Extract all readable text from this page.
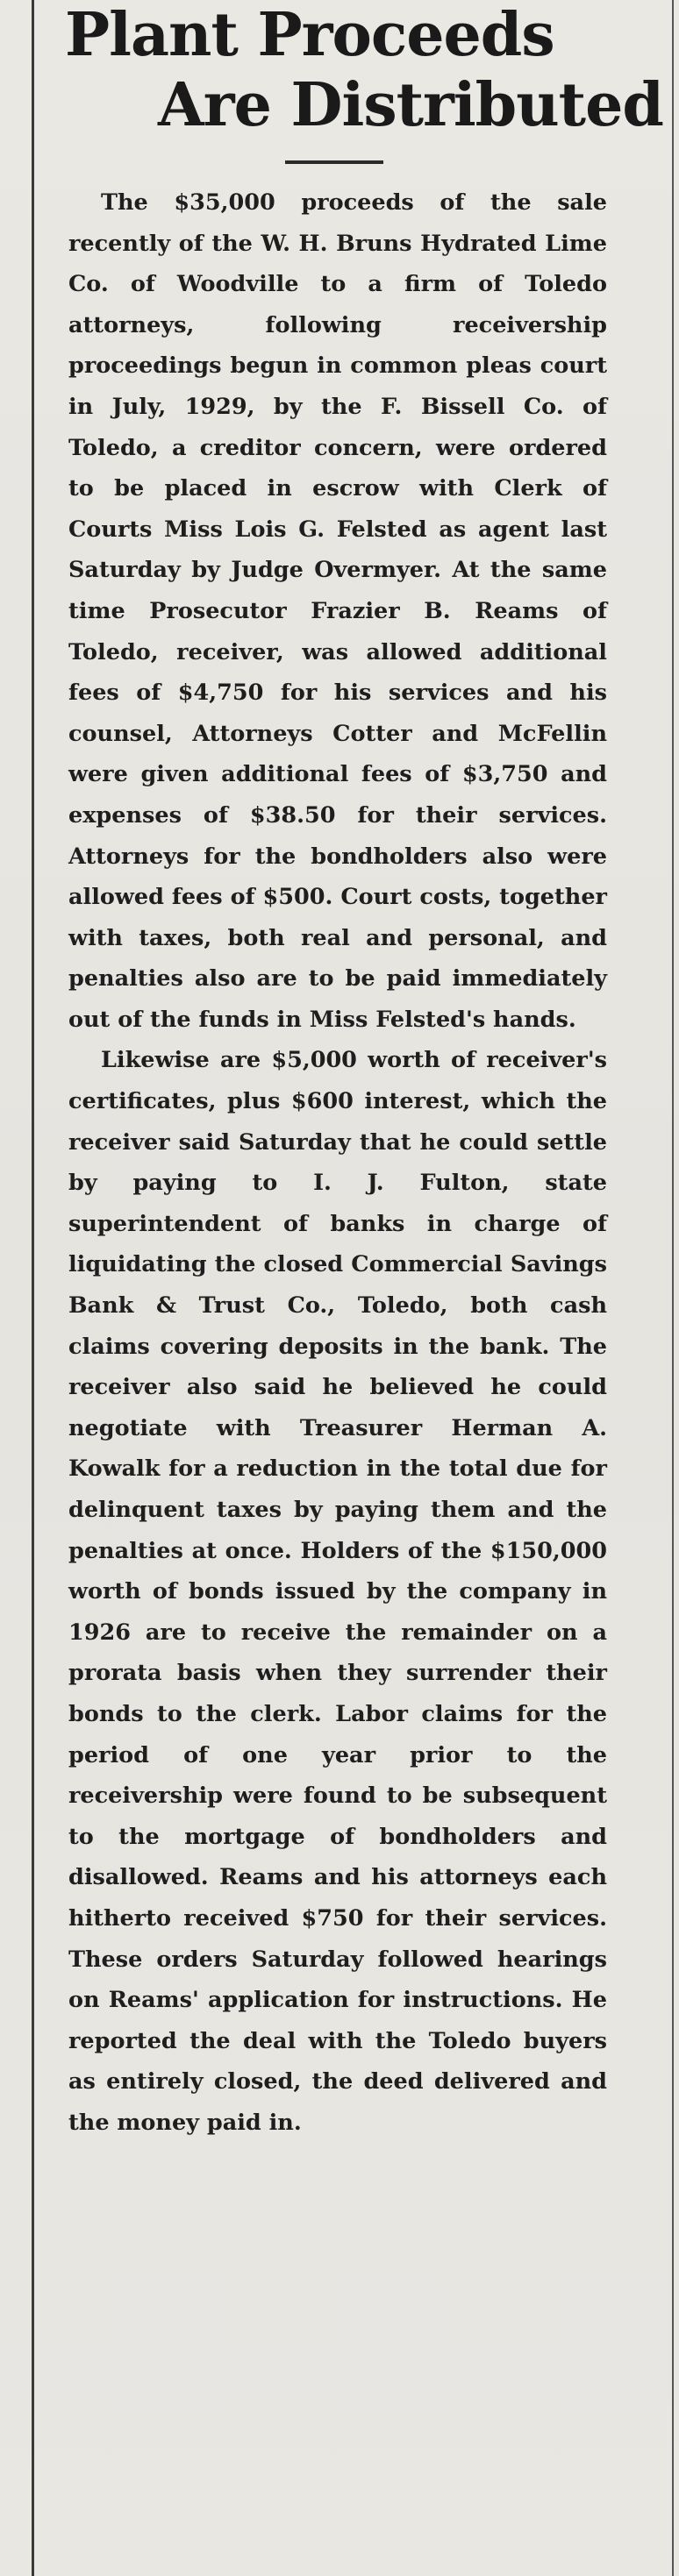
Plant Proceeds
Are Distributed

The $35,000 proceeds of the sale recently of the W. H. Bruns Hydrated Lime Co. of Woodville to a firm of Toledo attorneys, following receivership proceedings begun in common pleas court in July, 1929, by the F. Bissell Co. of Toledo, a creditor concern, were ordered to be placed in escrow with Clerk of Courts Miss Lois G. Felsted as agent last Saturday by Judge Overmyer. At the same time Prosecutor Frazier B. Reams of Toledo, receiver, was allowed additional fees of $4,750 for his services and his counsel, Attorneys Cotter and McFellin were given additional fees of $3,750 and expenses of $38.50 for their services. Attorneys for the bondholders also were allowed fees of $500. Court costs, together with taxes, both real and personal, and penalties also are to be paid immediately out of the funds in Miss Felsted's hands.

Likewise are $5,000 worth of receiver's certificates, plus $600 interest, which the receiver said Saturday that he could settle by paying to I. J. Fulton, state superintendent of banks in charge of liquidating the closed Commercial Savings Bank & Trust Co., Toledo, both cash claims covering deposits in the bank. The receiver also said he believed he could negotiate with Treasurer Herman A. Kowalk for a reduction in the total due for delinquent taxes by paying them and the penalties at once. Holders of the $150,000 worth of bonds issued by the company in 1926 are to receive the remainder on a prorata basis when they surrender their bonds to the clerk. Labor claims for the period of one year prior to the receivership were found to be subsequent to the mortgage of bondholders and disallowed. Reams and his attorneys each hitherto received $750 for their services. These orders Saturday followed hearings on Reams' application for instructions. He reported the deal with the Toledo buyers as entirely closed, the deed delivered and the money paid in.
